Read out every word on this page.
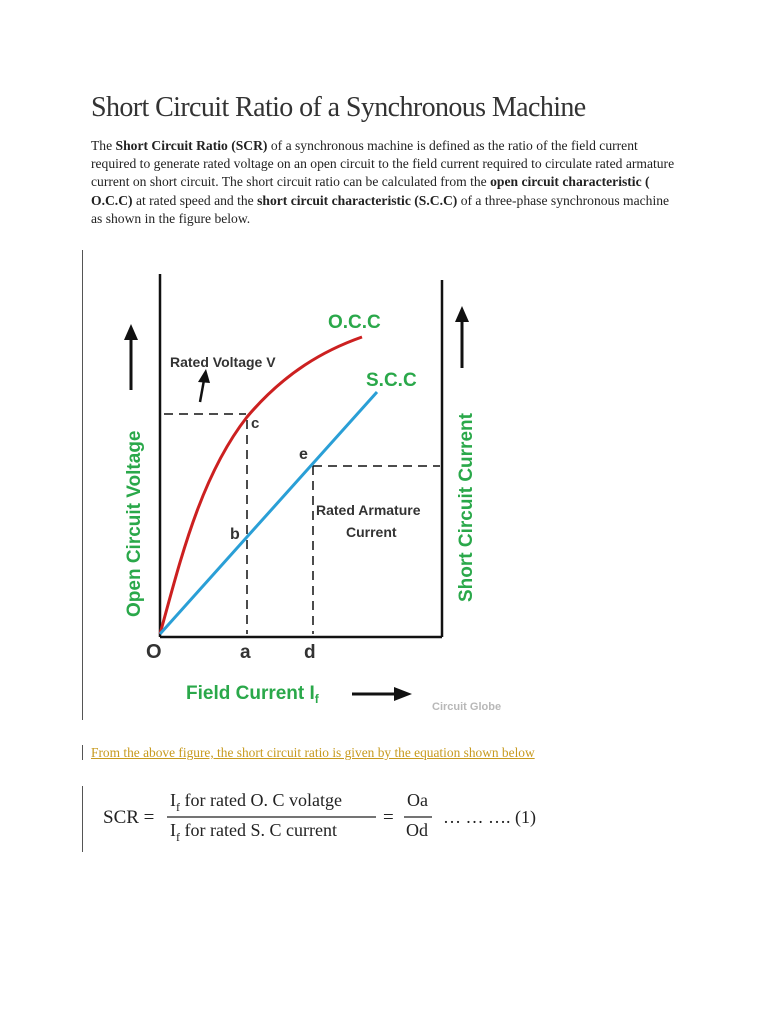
Short Circuit Ratio of a Synchronous Machine

The Short Circuit Ratio (SCR) of a synchronous machine is defined as the ratio of the field current required to generate rated voltage on an open circuit to the field current required to circulate rated armature current on short circuit. The short circuit ratio can be calculated from the open circuit characteristic ( O.C.C) at rated speed and the short circuit characteristic (S.C.C) of a three-phase synchronous machine as shown in the figure below.

O.C.C
S.C.C
Rated Voltage V
Rated Armature
Current
c
e
b
O	a	d
Open Circuit Voltage	Short Circuit Current
Field Current $I_f$
Circuit Globe
From the above figure, the short circuit ratio is given by the equation shown below
SCR =
$I_f$ for rated O. C volatge
$I_f$ for rated S. C current
=
Oa
Od
… … …. (1)
